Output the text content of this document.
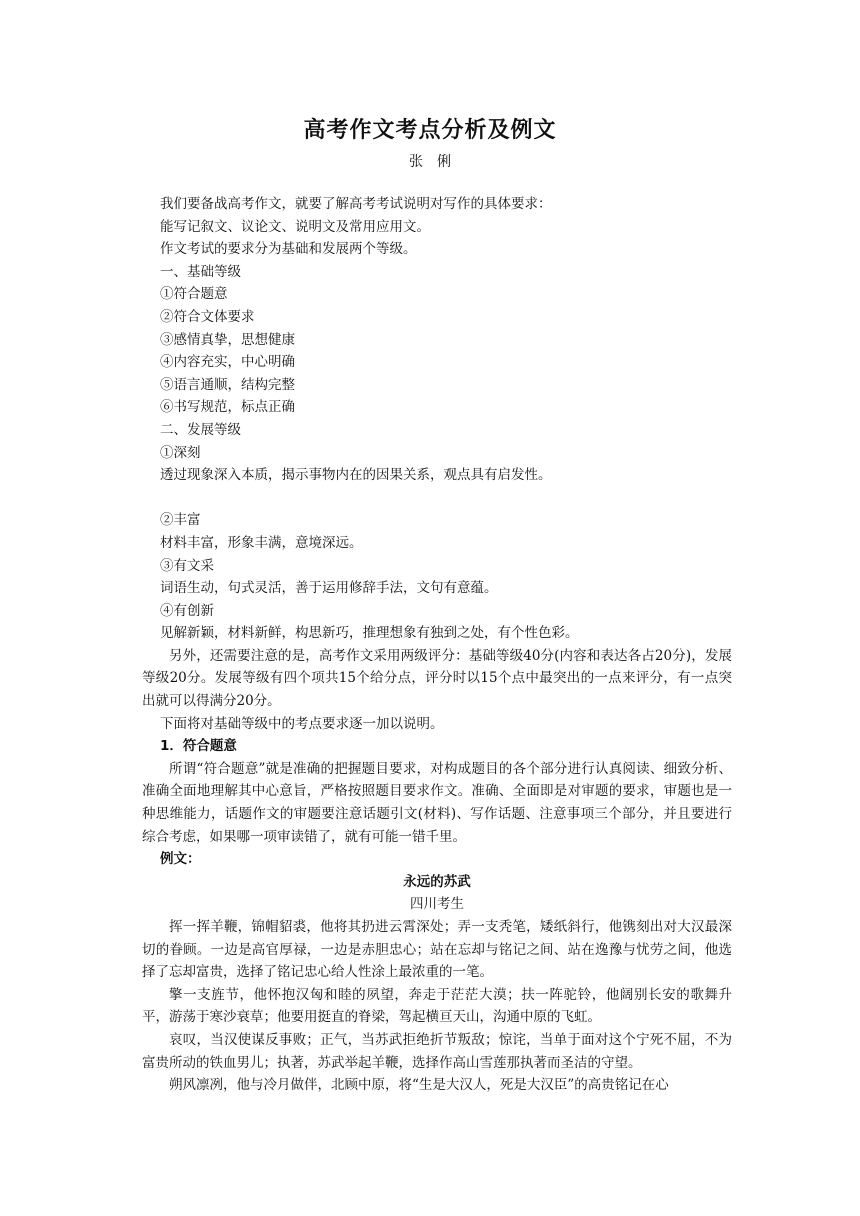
高考作文考点分析及例文
张俐
我们要备战高考作文，就要了解高考考试说明对写作的具体要求：
能写记叙文、议论文、说明文及常用应用文。
作文考试的要求分为基础和发展两个等级。
一、基础等级
①符合题意
②符合文体要求
③感情真挚，思想健康
④内容充实，中心明确
⑤语言通顺，结构完整
⑥书写规范，标点正确
二、发展等级
①深刻
透过现象深入本质，揭示事物内在的因果关系，观点具有启发性。
②丰富
材料丰富，形象丰满，意境深远。
③有文采
词语生动，句式灵活，善于运用修辞手法，文句有意蕴。
④有创新
见解新颖，材料新鲜，构思新巧，推理想象有独到之处，有个性色彩。
另外，还需要注意的是，高考作文采用两级评分：基础等级40分(内容和表达各占20分)，发展等级20分。发展等级有四个项共15个给分点，评分时以15个点中最突出的一点来评分，有一点突出就可以得满分20分。
下面将对基础等级中的考点要求逐一加以说明。
1．符合题意
所谓“符合题意”就是准确的把握题目要求，对构成题目的各个部分进行认真阅读、细致分析、准确全面地理解其中心意旨，严格按照题目要求作文。准确、全面即是对审题的要求，审题也是一种思维能力，话题作文的审题要注意话题引文(材料)、写作话题、注意事项三个部分，并且要进行综合考虑，如果哪一项审读错了，就有可能一错千里。
例文：
永远的苏武
四川考生
挥一挥羊鞭，锦帽貂裘，他将其扔进云霄深处；弄一支秃笔，矮纸斜行，他镌刻出对大汉最深切的眷顾。一边是高官厚禄，一边是赤胆忠心；站在忘却与铭记之间、站在逸豫与忧劳之间，他选择了忘却富贵，选择了铭记忠心给人性涂上最浓重的一笔。
擎一支旌节，他怀抱汉匈和睦的夙望，奔走于茫茫大漠；扶一阵驼铃，他阔别长安的歌舞升平，游荡于寒沙衰草；他要用挺直的脊梁，驾起横亘天山，沟通中原的飞虹。
哀叹，当汉使谋反事败；正气，当苏武拒绝折节叛敌；惊诧，当单于面对这个宁死不屈，不为富贵所动的铁血男儿；执著，苏武举起羊鞭，选择作高山雪莲那执著而圣洁的守望。
朔风凛冽，他与冷月做伴，北顾中原，将“生是大汉人，死是大汉臣”的高贵铭记在心
